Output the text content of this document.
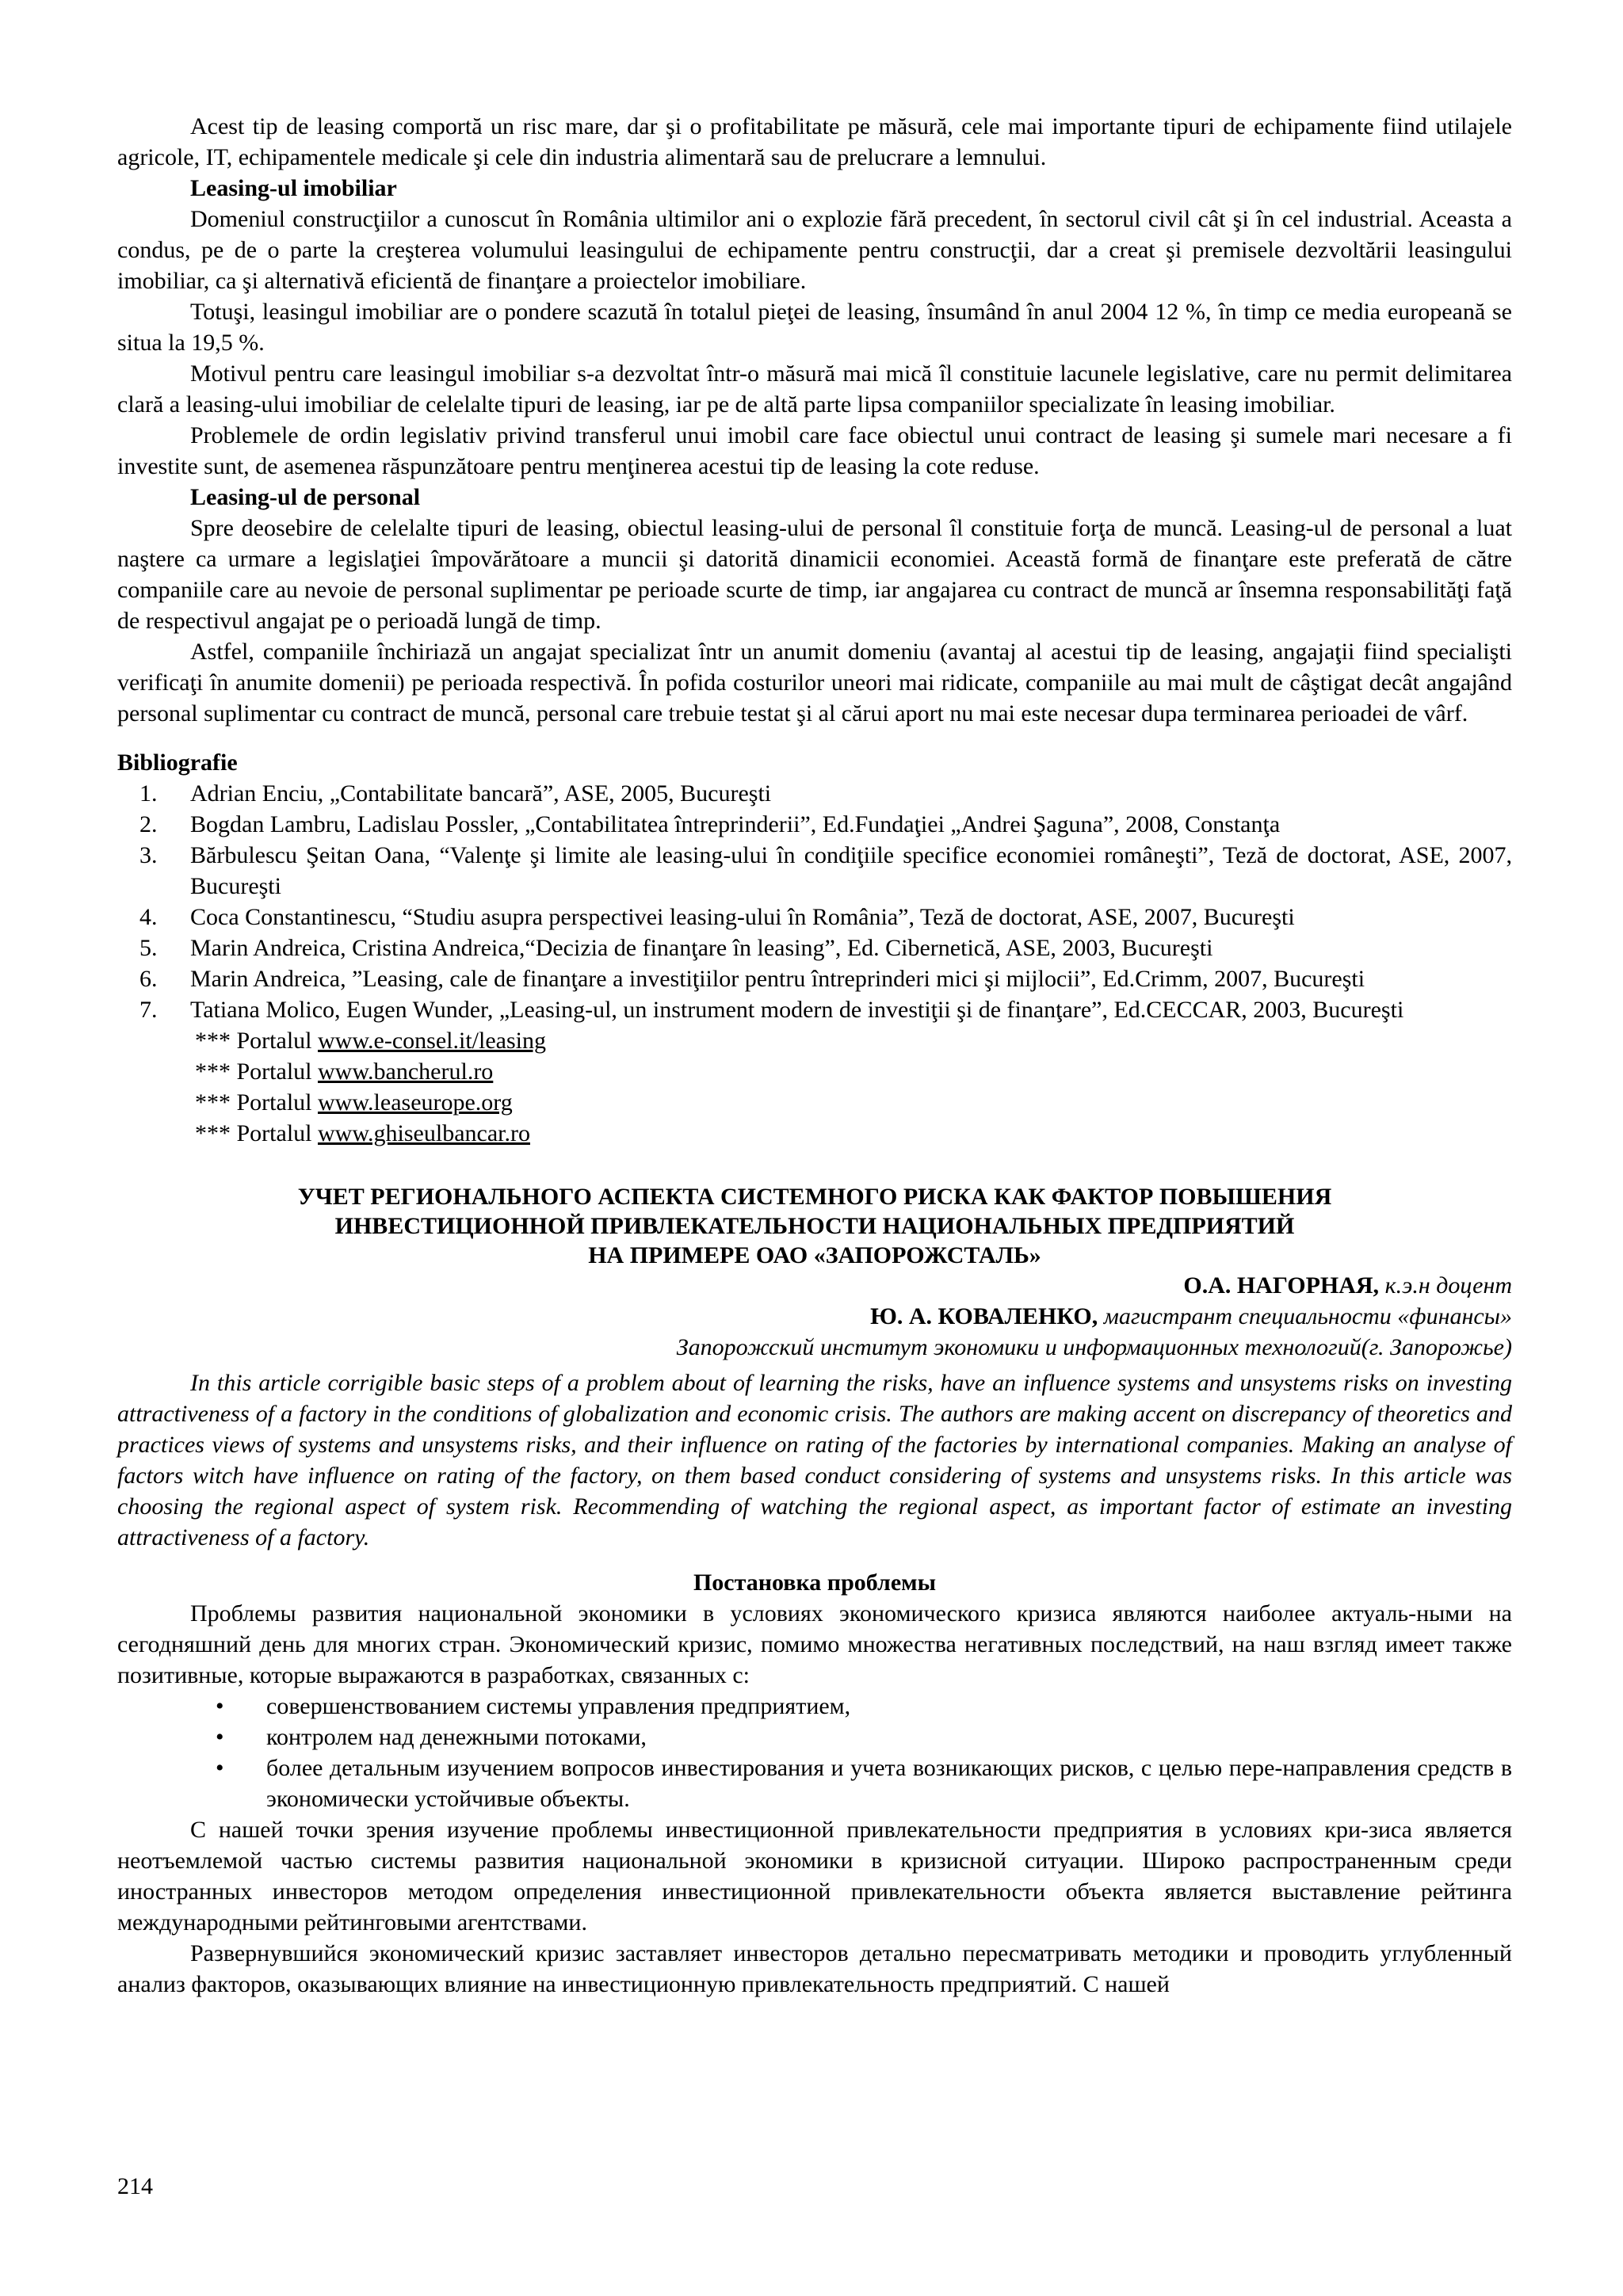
Acest tip de leasing comportă un risc mare, dar şi o profitabilitate pe măsură, cele mai importante tipuri de echipamente fiind utilajele agricole, IT, echipamentele medicale şi cele din industria alimentară sau de prelucrare a lemnului.

Leasing-ul imobiliar

Domeniul construcţiilor a cunoscut în România ultimilor ani o explozie fără precedent, în sectorul civil cât şi în cel industrial. Aceasta a condus, pe de o parte la creşterea volumului leasingului de echipamente pentru construcţii, dar a creat şi premisele dezvoltării leasingului imobiliar, ca şi alternativă eficientă de finanţare a proiectelor imobiliare.

Totuşi, leasingul imobiliar are o pondere scazută în totalul pieţei de leasing, însumând în anul 2004 12 %, în timp ce media europeană se situa la 19,5 %.

Motivul pentru care leasingul imobiliar s-a dezvoltat într-o măsură mai mică îl constituie lacunele legislative, care nu permit delimitarea clară a leasing-ului imobiliar de celelalte tipuri de leasing, iar pe de altă parte lipsa companiilor specializate în leasing imobiliar.

Problemele de ordin legislativ privind transferul unui imobil care face obiectul unui contract de leasing şi sumele mari necesare a fi investite sunt, de asemenea răspunzătoare pentru menţinerea acestui tip de leasing la cote reduse.

Leasing-ul de personal

Spre deosebire de celelalte tipuri de leasing, obiectul leasing-ului de personal îl constituie forţa de muncă. Leasing-ul de personal a luat naştere ca urmare a legislaţiei împovărătoare a muncii şi datorită dinamicii economiei. Această formă de finanţare este preferată de către companiile care au nevoie de personal suplimentar pe perioade scurte de timp, iar angajarea cu contract de muncă ar însemna responsabilităţi faţă de respectivul angajat pe o perioadă lungă de timp.

Astfel, companiile închiriază un angajat specializat într un anumit domeniu (avantaj al acestui tip de leasing, angajaţii fiind specialişti verificaţi în anumite domenii) pe perioada respectivă. În pofida costurilor uneori mai ridicate, companiile au mai mult de câştigat decât angajând personal suplimentar cu contract de muncă, personal care trebuie testat şi al cărui aport nu mai este necesar dupa terminarea perioadei de vârf.

Bibliografie
1. Adrian Enciu, „Contabilitate bancară”, ASE, 2005, Bucureşti
2. Bogdan Lambru, Ladislau Possler, „Contabilitatea întreprinderii”, Ed.Fundaţiei „Andrei Şaguna”, 2008, Constanţa
3. Bărbulescu Şeitan Oana, “Valenţe şi limite ale leasing-ului în condiţiile specifice economiei româneşti”, Teză de doctorat, ASE, 2007, Bucureşti
4. Coca Constantinescu, “Studiu asupra perspectivei leasing-ului în România”, Teză de doctorat, ASE, 2007, Bucureşti
5. Marin Andreica, Cristina Andreica,“Decizia de finanţare în leasing”, Ed. Cibernetică, ASE, 2003, Bucureşti
6. Marin Andreica, ”Leasing, cale de finanţare a investiţiilor pentru întreprinderi mici şi mijlocii”, Ed.Crimm, 2007, Bucureşti
7. Tatiana Molico, Eugen Wunder, „Leasing-ul, un instrument modern de investiţii şi de finanţare”, Ed.CECCAR, 2003, Bucureşti
*** Portalul www.e-consel.it/leasing
*** Portalul www.bancherul.ro
*** Portalul www.leaseurope.org
*** Portalul www.ghiseulbancar.ro
УЧЕТ РЕГИОНАЛЬНОГО АСПЕКТА СИСТЕМНОГО РИСКА КАК ФАКТОР ПОВЫШЕНИЯ
ИНВЕСТИЦИОННОЙ ПРИВЛЕКАТЕЛЬНОСТИ НАЦИОНАЛЬНЫХ ПРЕДПРИЯТИЙ
НА ПРИМЕРЕ ОАО «ЗАПОРОЖСТАЛЬ»
О.А. НАГОРНАЯ, к.э.н доцент
Ю. А. КОВАЛЕНКО, магистрант специальности «финансы»
Запорожский институт экономики и информационных технологий(г. Запорожье)

In this article corrigible basic steps of a problem about of learning the risks, have an influence systems and unsystems risks on investing attractiveness of a factory in the conditions of globalization and economic crisis. The authors are making accent on discrepancy of theoretics and practices views of systems and unsystems risks, and their influence on rating of the factories by international companies. Making an analyse of factors witch have influence on rating of the factory, on them based conduct considering of systems and unsystems risks. In this article was choosing the regional aspect of system risk. Recommending of watching the regional aspect, as important factor of estimate an investing attractiveness of a factory.

Постановка проблемы

Проблемы развития национальной экономики в условиях экономического кризиса являются наиболее актуаль-ными на сегодняшний день для многих стран. Экономический кризис, помимо множества негативных последствий, на наш взгляд имеет также позитивные, которые выражаются в разработках, связанных с:

• совершенствованием системы управления предприятием,
• контролем над денежными потоками,
• более детальным изучением вопросов инвестирования и учета возникающих рисков, с целью пере-направления средств в экономически устойчивые объекты.

С нашей точки зрения изучение проблемы инвестиционной привлекательности предприятия в условиях кри-зиса является неотъемлемой частью системы развития национальной экономики в кризисной ситуации. Широко распространенным среди иностранных инвесторов методом определения инвестиционной привлекательности объекта является выставление рейтинга международными рейтинговыми агентствами.

Развернувшийся экономический кризис заставляет инвесторов детально пересматривать методики и проводить углубленный анализ факторов, оказывающих влияние на инвестиционную привлекательность предприятий. С нашей

214
